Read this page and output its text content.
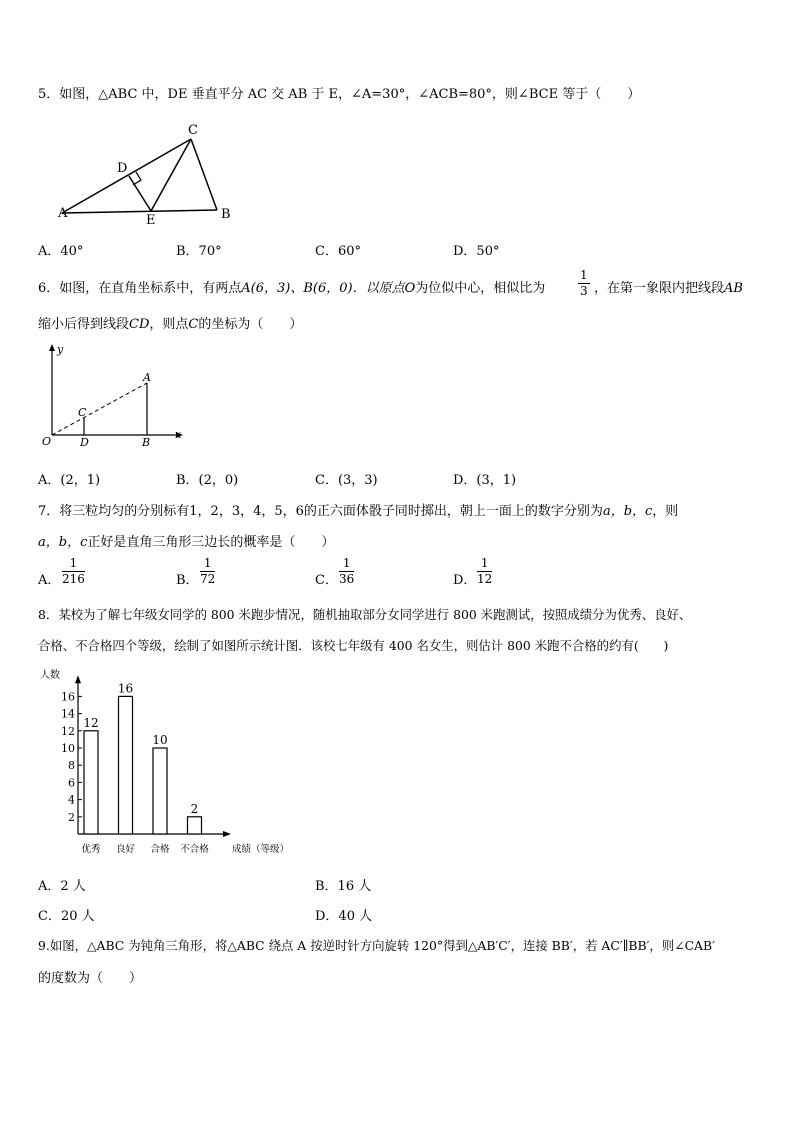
5．如图，△ABC 中，DE 垂直平分 AC 交 AB 于 E，∠A=30°，∠ACB=80°，则∠BCE 等于（　　）
A	B
C
D
E
A．40°	B．70°	C．60°	D．50°
6．如图，在直角坐标系中，有两点A(6，3)、B(6，0)．以原点O为位似中心，相似比为	$\frac{1}{3}$ ，在第一象限内把线段AB
缩小后得到线段CD，则点C的坐标为（　　）
y
x
O
A
B
C
D
A．(2，1)	B．(2，0)	C．(3，3)	D．(3，1)
7．将三粒均匀的分别标有1，2，3，4，5，6的正六面体骰子同时掷出，朝上一面上的数字分别为a，b，c，则
a，b，c正好是直角三角形三边长的概率是（　　）
A． $\frac{1}{216}$	B． $\frac{1}{72}$	C． $\frac{1}{36}$	D． $\frac{1}{12}$
8．某校为了解七年级女同学的 800 米跑步情况，随机抽取部分女同学进行 800 米跑测试，按照成绩分为优秀、良好、
合格、不合格四个等级，绘制了如图所示统计图．该校七年级有 400 名女生，则估计 800 米跑不合格的约有(　　)
人数
成绩（等级）
2
4
6
8
10
12
14
16
12
优秀
16
良好
10
合格
2
不合格
A．2 人	B．16 人
C．20 人	D．40 人
9.如图，△ABC 为钝角三角形，将△ABC 绕点 A 按逆时针方向旋转 120°得到△AB′C′，连接 BB′，若 AC′∥BB′，则∠CAB′
的度数为（　　）
